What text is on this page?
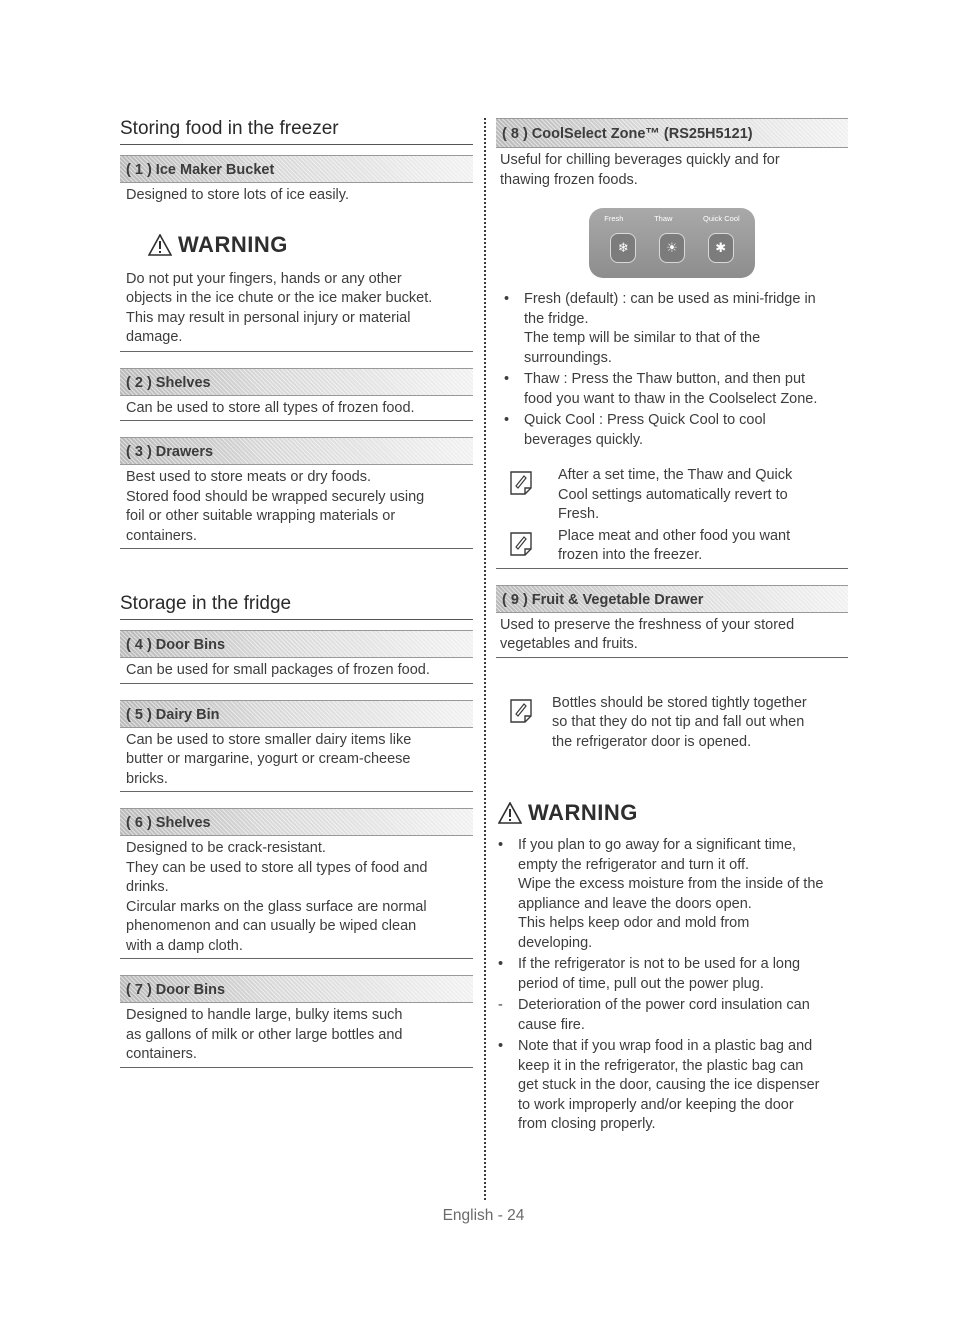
Storing food in the freezer
( 1 ) Ice Maker Bucket
Designed to store lots of ice easily.
WARNING
Do not put your fingers, hands or any other
objects in the ice chute or the ice maker bucket.
This may result in personal injury or material
damage.
( 2 ) Shelves
Can be used to store all types of frozen food.
( 3 ) Drawers
Best used to store meats or dry foods.
Stored food should be wrapped securely using
foil or other suitable wrapping materials or
containers.
Storage in the fridge
( 4 ) Door Bins
Can be used for small packages of frozen food.
( 5 ) Dairy Bin
Can be used to store smaller dairy items like
butter or margarine, yogurt or cream-cheese
bricks.
( 6 ) Shelves
Designed to be crack-resistant.
They can be used to store all types of food and
drinks.
Circular marks on the glass surface are normal
phenomenon and can usually be wiped clean
with a damp cloth.
( 7 ) Door Bins
Designed to handle large, bulky items such
as gallons of milk or other large bottles and
containers.
( 8 ) CoolSelect Zone™ (RS25H5121)
Useful for chilling beverages quickly and for
thawing frozen foods.
Fresh	Thaw	Quick Cool
❄	☀	✱
• Fresh (default) : can be used as mini-fridge in
the fridge.
The temp will be similar to that of the
surroundings.
• Thaw : Press the Thaw button, and then put
food you want to thaw in the Coolselect Zone.
• Quick Cool : Press Quick Cool to cool
beverages quickly.
After a set time, the Thaw and Quick
Cool settings automatically revert to
Fresh.
Place meat and other food you want
frozen into the freezer.
( 9 ) Fruit & Vegetable Drawer
Used to preserve the freshness of your stored
vegetables and fruits.
Bottles should be stored tightly together
so that they do not tip and fall out when
the refrigerator door is opened.
WARNING
• If you plan to go away for a significant time,
empty the refrigerator and turn it off.
Wipe the excess moisture from the inside of the
appliance and leave the doors open.
This helps keep odor and mold from
developing.
• If the refrigerator is not to be used for a long
period of time, pull out the power plug.
- Deterioration of the power cord insulation can
cause fire.
• Note that if you wrap food in a plastic bag and
keep it in the refrigerator, the plastic bag can
get stuck in the door, causing the ice dispenser
to work improperly and/or keeping the door
from closing properly.
English - 24
